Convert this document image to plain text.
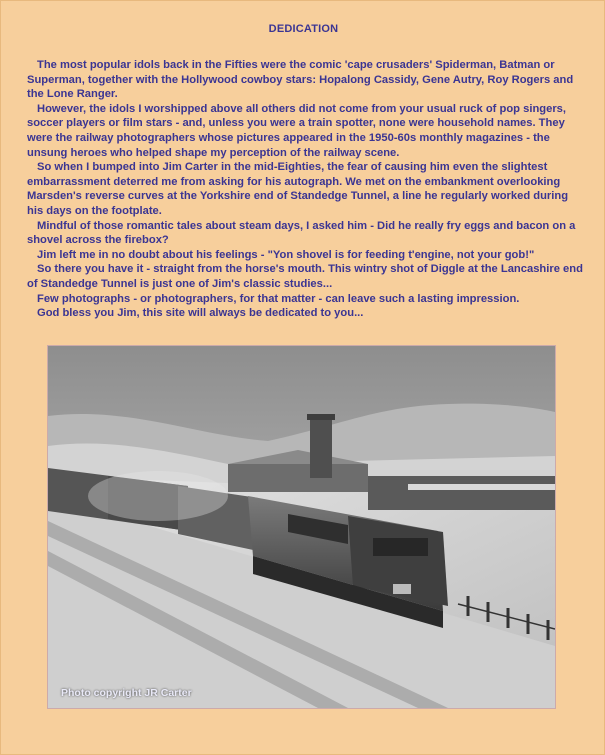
DEDICATION

The most popular idols back in the Fifties were the comic 'cape crusaders' Spiderman, Batman or Superman, together with the Hollywood cowboy stars: Hopalong Cassidy, Gene Autry, Roy Rogers and the Lone Ranger.

However, the idols I worshipped above all others did not come from your usual ruck of pop singers, soccer players or film stars - and, unless you were a train spotter, none were household names. They were the railway photographers whose pictures appeared in the 1950-60s monthly magazines - the unsung heroes who helped shape my perception of the railway scene.

So when I bumped into Jim Carter in the mid-Eighties, the fear of causing him even the slightest embarrassment deterred me from asking for his autograph. We met on the embankment overlooking Marsden's reverse curves at the Yorkshire end of Standedge Tunnel, a line he regularly worked during his days on the footplate.

Mindful of those romantic tales about steam days, I asked him - Did he really fry eggs and bacon on a shovel across the firebox?

Jim left me in no doubt about his feelings - "Yon shovel is for feeding t'engine, not your gob!"

So there you have it - straight from the horse's mouth. This wintry shot of Diggle at the Lancashire end of Standedge Tunnel is just one of Jim's classic studies...

Few photographs - or photographers, for that matter - can leave such a lasting impression.

God bless you Jim, this site will always be dedicated to you...

Photo copyright JR Carter
